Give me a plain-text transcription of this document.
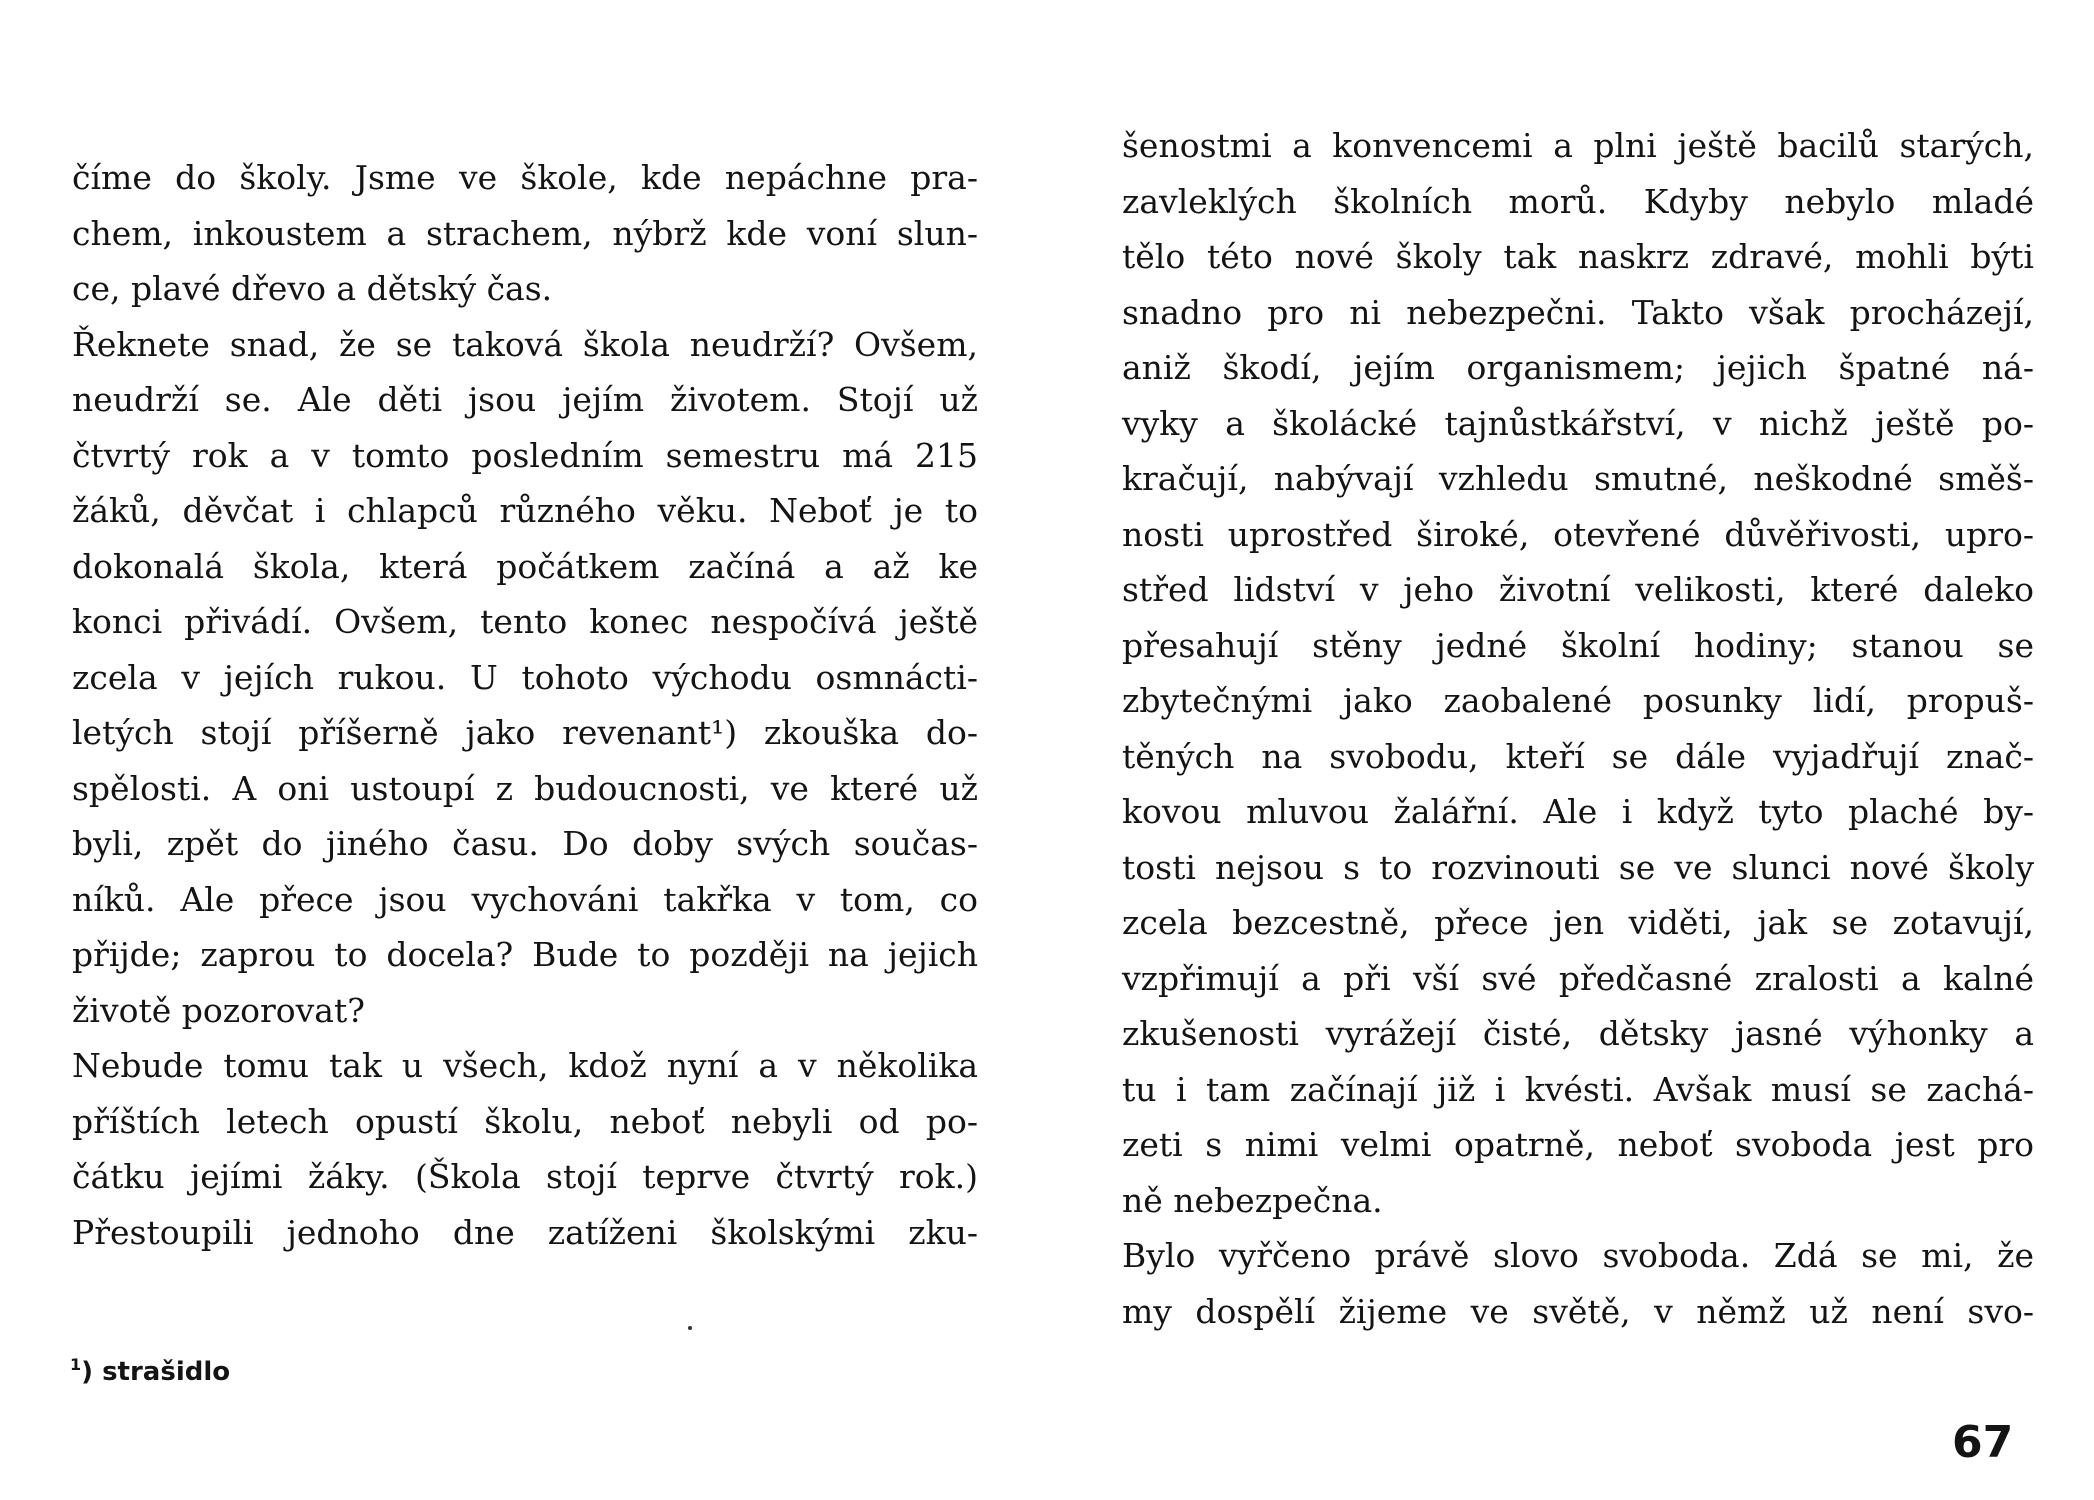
číme do školy. Jsme ve škole, kde nepáchne pra-
chem, inkoustem a strachem, nýbrž kde voní slun-
ce, plavé dřevo a dětský čas.
Řeknete snad, že se taková škola neudrží? Ovšem,
neudrží se. Ale děti jsou jejím životem. Stojí už
čtvrtý rok a v tomto posledním semestru má 215
žáků, děvčat i chlapců různého věku. Neboť je to
dokonalá škola, která počátkem začíná a až ke
konci přivádí. Ovšem, tento konec nespočívá ještě
zcela v jejích rukou. U tohoto východu osmnácti-
letých stojí příšerně jako revenant¹) zkouška do-
spělosti. A oni ustoupí z budoucnosti, ve které už
byli, zpět do jiného času. Do doby svých součas-
níků. Ale přece jsou vychováni takřka v tom, co
přijde; zaprou to docela? Bude to později na jejich
životě pozorovat?
Nebude tomu tak u všech, kdož nyní a v několika
příštích letech opustí školu, neboť nebyli od po-
čátku jejími žáky. (Škola stojí teprve čtvrtý rok.)
Přestoupili jednoho dne zatíženi školskými zku-
šenostmi a konvencemi a plni ještě bacilů starých,
zavleklých školních morů. Kdyby nebylo mladé
tělo této nové školy tak naskrz zdravé, mohli býti
snadno pro ni nebezpečni. Takto však procházejí,
aniž škodí, jejím organismem; jejich špatné ná-
vyky a školácké tajnůstkářství, v nichž ještě po-
kračují, nabývají vzhledu smutné, neškodné směš-
nosti uprostřed široké, otevřené důvěřivosti, upro-
střed lidství v jeho životní velikosti, které daleko
přesahují stěny jedné školní hodiny; stanou se
zbytečnými jako zaobalené posunky lidí, propuš-
těných na svobodu, kteří se dále vyjadřují znač-
kovou mluvou žalářní. Ale i když tyto plaché by-
tosti nejsou s to rozvinouti se ve slunci nové školy
zcela bezcestně, přece jen viděti, jak se zotavují,
vzpřimují a při vší své předčasné zralosti a kalné
zkušenosti vyrážejí čisté, dětsky jasné výhonky a
tu i tam začínají již i kvésti. Avšak musí se zachá-
zeti s nimi velmi opatrně, neboť svoboda jest pro
ně nebezpečna.
Bylo vyřčeno právě slovo svoboda. Zdá se mi, že
my dospělí žijeme ve světě, v němž už není svo-
$^1$) strašidlo
67
